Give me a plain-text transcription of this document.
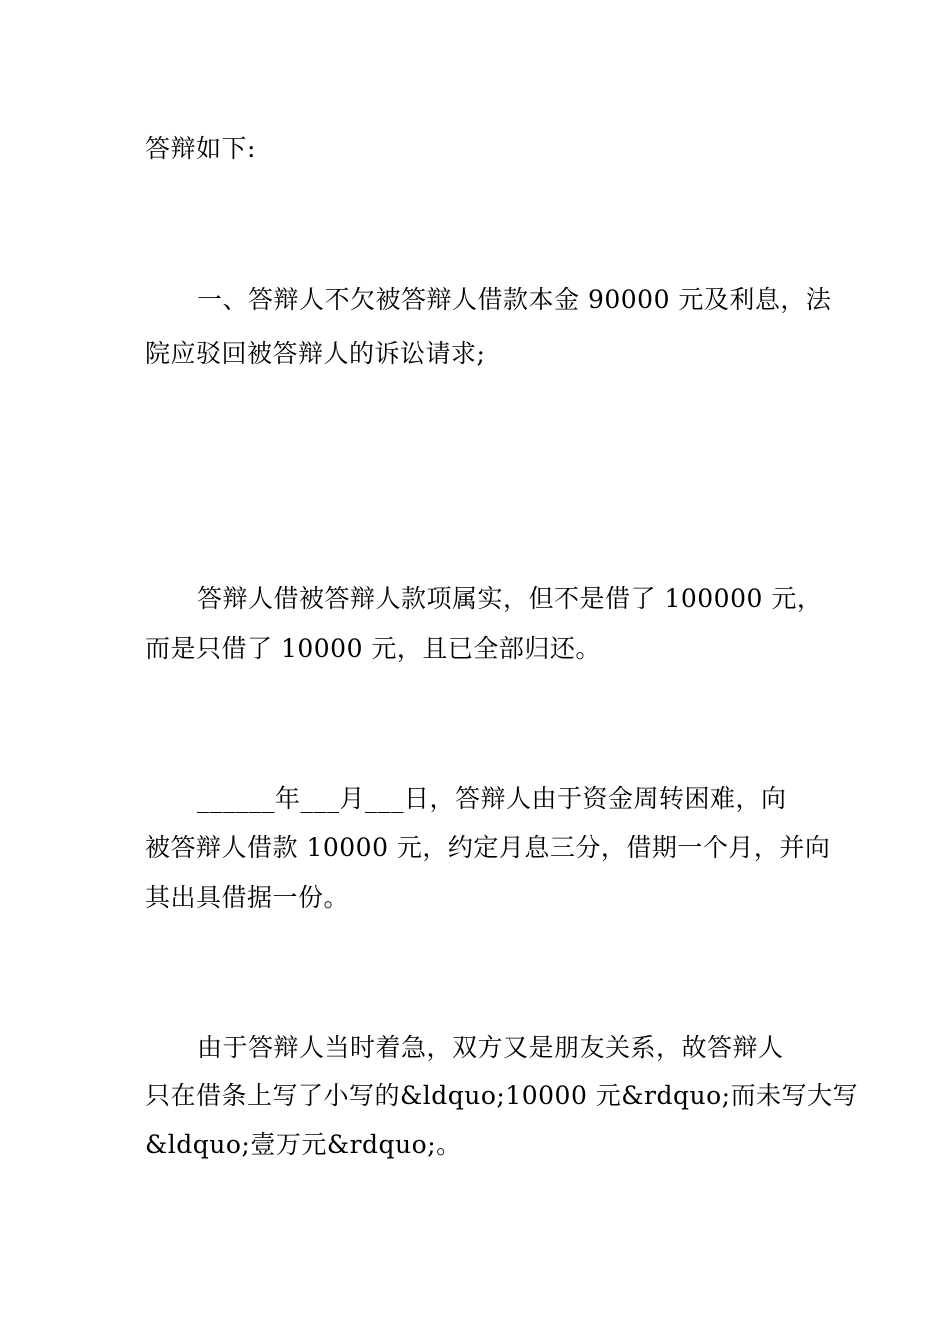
答辩如下:
一、答辩人不欠被答辩人借款本金 90000 元及利息，法
院应驳回被答辩人的诉讼请求;
答辩人借被答辩人款项属实，但不是借了 100000 元，
而是只借了 10000 元，且已全部归还。
______年___月___日，答辩人由于资金周转困难，向
被答辩人借款 10000 元，约定月息三分，借期一个月，并向
其出具借据一份。
由于答辩人当时着急，双方又是朋友关系，故答辩人
只在借条上写了小写的&ldquo;10000 元&rdquo;而未写大写
&ldquo;壹万元&rdquo;。
